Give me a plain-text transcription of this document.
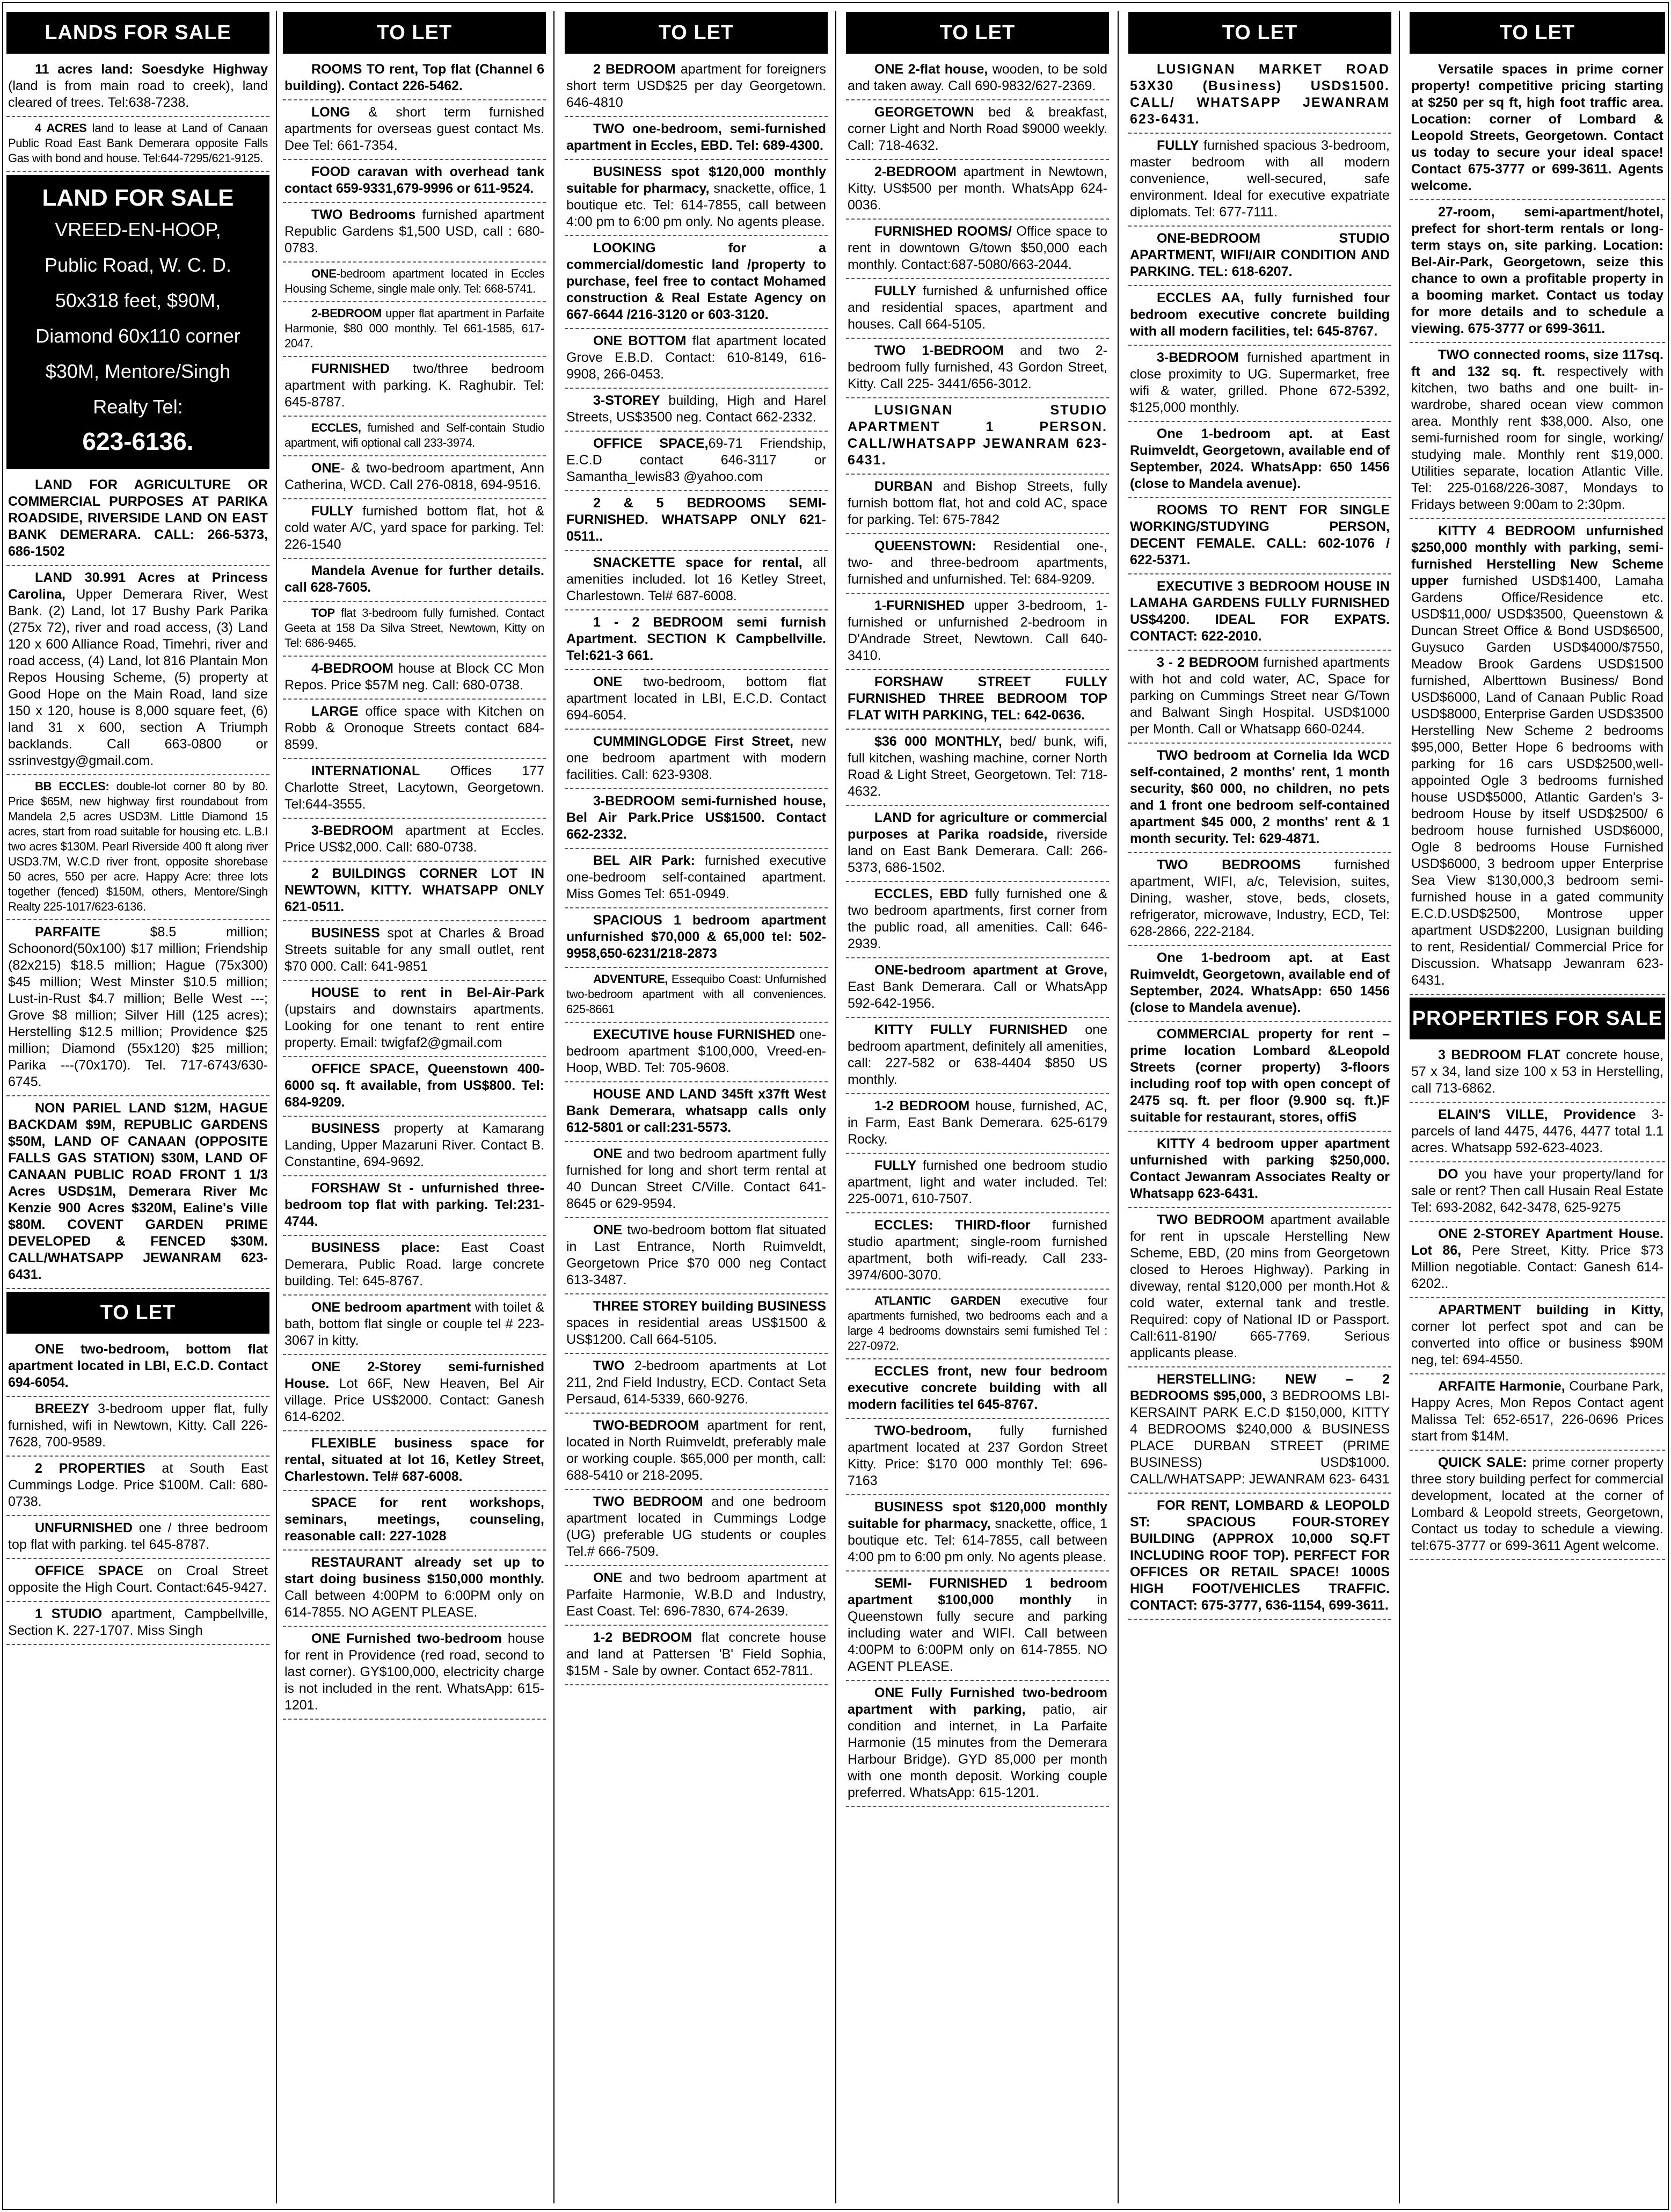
LANDS FOR SALE
11 acres land: Soesdyke Highway (land is from main road to creek), land cleared of trees. Tel:638-7238.
4 ACRES land to lease at Land of Canaan Public Road East Bank Demerara opposite Falls Gas with bond and house. Tel:644-7295/621-9125.
LAND FOR SALE
VREED-EN-HOOP,
Public Road, W. C. D.
50x318 feet, $90M,
Diamond 60x110 corner
$30M, Mentore/Singh
Realty Tel:
623-6136.
LAND FOR AGRICULTURE OR COMMERCIAL PURPOSES AT PARIKA ROADSIDE, RIVERSIDE LAND ON EAST BANK DEMERARA. CALL: 266-5373, 686-1502
LAND 30.991 Acres at Princess Carolina, Upper Demerara River, West Bank. (2) Land, lot 17 Bushy Park Parika (275x 72), river and road access, (3) Land 120 x 600 Alliance Road, Timehri, river and road access, (4) Land, lot 816 Plantain Mon Repos Housing Scheme, (5) property at Good Hope on the Main Road, land size 150 x 120, house is 8,000 square feet, (6) land 31 x 600, section A Triumph backlands. Call 663-0800 or ssrinvestgy@gmail.com.
BB ECCLES: double-lot corner 80 by 80. Price $65M, new highway first roundabout from Mandela 2,5 acres USD3M. Little Diamond 15 acres, start from road suitable for housing etc. L.B.I two acres $130M. Pearl Riverside 400 ft along river USD3.7M, W.C.D river front, opposite shorebase 50 acres, 550 per acre. Happy Acre: three lots together (fenced) $150M, others, Mentore/Singh Realty 225-1017/623-6136.
PARFAITE $8.5 million; Schoonord(50x100) $17 million; Friendship (82x215) $18.5 million; Hague (75x300) $45 million; West Minster $10.5 million; Lust-in-Rust $4.7 million; Belle West ---; Grove $8 million; Silver Hill (125 acres); Herstelling $12.5 million; Providence $25 million; Diamond (55x120) $25 million; Parika ---(70x170). Tel. 717-6743/630-6745.
NON PARIEL LAND $12M, HAGUE BACKDAM $9M, REPUBLIC GARDENS $50M, LAND OF CANAAN (OPPOSITE FALLS GAS STATION) $30M, LAND OF CANAAN PUBLIC ROAD FRONT 1 1/3 Acres USD$1M, Demerara River Mc Kenzie 900 Acres $320M, Ealine's Ville $80M. COVENT GARDEN PRIME DEVELOPED & FENCED $30M. CALL/WHATSAPP JEWANRAM 623-6431.
TO LET
ONE two-bedroom, bottom flat apartment located in LBI, E.C.D. Contact 694-6054.
BREEZY 3-bedroom upper flat, fully furnished, wifi in Newtown, Kitty. Call 226-7628, 700-9589.
2 PROPERTIES at South East Cummings Lodge. Price $100M. Call: 680-0738.
UNFURNISHED one / three bedroom top flat with parking. tel 645-8787.
OFFICE SPACE on Croal Street opposite the High Court. Contact:645-9427.
1 STUDIO apartment, Campbellville, Section K. 227-1707. Miss Singh
TO LET
ROOMS TO rent, Top flat (Channel 6 building). Contact 226-5462.
LONG & short term furnished apartments for overseas guest contact Ms. Dee Tel: 661-7354.
FOOD caravan with overhead tank contact 659-9331,679-9996 or 611-9524.
TWO Bedrooms furnished apartment Republic Gardens $1,500 USD, call : 680-0783.
ONE-bedroom apartment located in Eccles Housing Scheme, single male only. Tel: 668-5741.
2-BEDROOM upper flat apartment in Parfaite Harmonie, $80 000 monthly. Tel 661-1585, 617-2047.
FURNISHED two/three bedroom apartment with parking. K. Raghubir. Tel: 645-8787.
ECCLES, furnished and Self-contain Studio apartment, wifi optional call 233-3974.
ONE- & two-bedroom apartment, Ann Catherina, WCD. Call 276-0818, 694-9516.
FULLY furnished bottom flat, hot & cold water A/C, yard space for parking. Tel: 226-1540
Mandela Avenue for further details. call 628-7605.
TOP flat 3-bedroom fully furnished. Contact Geeta at 158 Da Silva Street, Newtown, Kitty on Tel: 686-9465.
4-BEDROOM house at Block CC Mon Repos. Price $57M neg. Call: 680-0738.
LARGE office space with Kitchen on Robb & Oronoque Streets contact 684-8599.
INTERNATIONAL Offices 177 Charlotte Street, Lacytown, Georgetown. Tel:644-3555.
3-BEDROOM apartment at Eccles. Price US$2,000. Call: 680-0738.
2 BUILDINGS CORNER LOT IN NEWTOWN, KITTY. WHATSAPP ONLY 621-0511.
BUSINESS spot at Charles & Broad Streets suitable for any small outlet, rent $70 000. Call: 641-9851
HOUSE to rent in Bel-Air-Park (upstairs and downstairs apartments. Looking for one tenant to rent entire property. Email: twigfaf2@gmail.com
OFFICE SPACE, Queenstown 400-6000 sq. ft available, from US$800. Tel: 684-9209.
BUSINESS property at Kamarang Landing, Upper Mazaruni River. Contact B. Constantine, 694-9692.
FORSHAW St - unfurnished three-bedroom top flat with parking. Tel:231-4744.
BUSINESS place: East Coast Demerara, Public Road. large concrete building. Tel: 645-8767.
ONE bedroom apartment with toilet & bath, bottom flat single or couple tel # 223-3067 in kitty.
ONE 2-Storey semi-furnished House. Lot 66F, New Heaven, Bel Air village. Price US$2000. Contact: Ganesh 614-6202.
FLEXIBLE business space for rental, situated at lot 16, Ketley Street, Charlestown. Tel# 687-6008.
SPACE for rent workshops, seminars, meetings, counseling, reasonable call: 227-1028
RESTAURANT already set up to start doing business $150,000 monthly. Call between 4:00PM to 6:00PM only on 614-7855. NO AGENT PLEASE.
ONE Furnished two-bedroom house for rent in Providence (red road, second to last corner). GY$100,000, electricity charge is not included in the rent. WhatsApp: 615-1201.
TO LET
2 BEDROOM apartment for foreigners short term USD$25 per day Georgetown. 646-4810
TWO one-bedroom, semi-furnished apartment in Eccles, EBD. Tel: 689-4300.
BUSINESS spot $120,000 monthly suitable for pharmacy, snackette, office, 1 boutique etc. Tel: 614-7855, call between 4:00 pm to 6:00 pm only. No agents please.
LOOKING for a commercial/domestic land /property to purchase, feel free to contact Mohamed construction & Real Estate Agency on 667-6644 /216-3120 or 603-3120.
ONE BOTTOM flat apartment located Grove E.B.D. Contact: 610-8149, 616-9908, 266-0453.
3-STOREY building, High and Harel Streets, US$3500 neg. Contact 662-2332.
OFFICE SPACE,69-71 Friendship, E.C.D contact 646-3117 or Samantha_lewis83 @yahoo.com
2 & 5 BEDROOMS SEMI-FURNISHED. WHATSAPP ONLY 621-0511..
SNACKETTE space for rental, all amenities included. lot 16 Ketley Street, Charlestown. Tel# 687-6008.
1 - 2 BEDROOM semi furnish Apartment. SECTION K Campbellville. Tel:621-3 661.
ONE two-bedroom, bottom flat apartment located in LBI, E.C.D. Contact 694-6054.
CUMMINGLODGE First Street, new one bedroom apartment with modern facilities. Call: 623-9308.
3-BEDROOM semi-furnished house, Bel Air Park.Price US$1500. Contact 662-2332.
BEL AIR Park: furnished executive one-bedroom self-contained apartment. Miss Gomes Tel: 651-0949.
SPACIOUS 1 bedroom apartment unfurnished $70,000 & 65,000 tel: 502-9958,650-6231/218-2873
ADVENTURE, Essequibo Coast: Unfurnished two-bedroom apartment with all conveniences. 625-8661
EXECUTIVE house FURNISHED one-bedroom apartment $100,000, Vreed-en-Hoop, WBD. Tel: 705-9608.
HOUSE AND LAND 345ft x37ft West Bank Demerara, whatsapp calls only 612-5801 or call:231-5573.
ONE and two bedroom apartment fully furnished for long and short term rental at 40 Duncan Street C/Ville. Contact 641-8645 or 629-9594.
ONE two-bedroom bottom flat situated in Last Entrance, North Ruimveldt, Georgetown Price $70 000 neg Contact 613-3487.
THREE STOREY building BUSINESS spaces in residential areas US$1500 & US$1200. Call 664-5105.
TWO 2-bedroom apartments at Lot 211, 2nd Field Industry, ECD. Contact Seta Persaud, 614-5339, 660-9276.
TWO-BEDROOM apartment for rent, located in North Ruimveldt, preferably male or working couple. $65,000 per month, call: 688-5410 or 218-2095.
TWO BEDROOM and one bedroom apartment located in Cummings Lodge (UG) preferable UG students or couples Tel.# 666-7509.
ONE and two bedroom apartment at Parfaite Harmonie, W.B.D and Industry, East Coast. Tel: 696-7830, 674-2639.
1-2 BEDROOM flat concrete house and land at Pattersen 'B' Field Sophia, $15M - Sale by owner. Contact 652-7811.
TO LET
ONE 2-flat house, wooden, to be sold and taken away. Call 690-9832/627-2369.
GEORGETOWN bed & breakfast, corner Light and North Road $9000 weekly. Call: 718-4632.
2-BEDROOM apartment in Newtown, Kitty. US$500 per month. WhatsApp 624-0036.
FURNISHED ROOMS/ Office space to rent in downtown G/town $50,000 each monthly. Contact:687-5080/663-2044.
FULLY furnished & unfurnished office and residential spaces, apartment and houses. Call 664-5105.
TWO 1-BEDROOM and two 2-bedroom fully furnished, 43 Gordon Street, Kitty. Call 225- 3441/656-3012.
LUSIGNAN STUDIO APARTMENT 1 PERSON. CALL/WHATSAPP JEWANRAM 623-6431.
DURBAN and Bishop Streets, fully furnish bottom flat, hot and cold AC, space for parking. Tel: 675-7842
QUEENSTOWN: Residential one-, two- and three-bedroom apartments, furnished and unfurnished. Tel: 684-9209.
1-FURNISHED upper 3-bedroom, 1-furnished or unfurnished 2-bedroom in D'Andrade Street, Newtown. Call 640-3410.
FORSHAW STREET FULLY FURNISHED THREE BEDROOM TOP FLAT WITH PARKING, TEL: 642-0636.
$36 000 MONTHLY, bed/ bunk, wifi, full kitchen, washing machine, corner North Road & Light Street, Georgetown. Tel: 718-4632.
LAND for agriculture or commercial purposes at Parika roadside, riverside land on East Bank Demerara. Call: 266-5373, 686-1502.
ECCLES, EBD fully furnished one & two bedroom apartments, first corner from the public road, all amenities. Call: 646-2939.
ONE-bedroom apartment at Grove, East Bank Demerara. Call or WhatsApp 592-642-1956.
KITTY FULLY FURNISHED one bedroom apartment, definitely all amenities, call: 227-582 or 638-4404 $850 US monthly.
1-2 BEDROOM house, furnished, AC, in Farm, East Bank Demerara. 625-6179 Rocky.
FULLY furnished one bedroom studio apartment, light and water included. Tel: 225-0071, 610-7507.
ECCLES: THIRD-floor furnished studio apartment; single-room furnished apartment, both wifi-ready. Call 233-3974/600-3070.
ATLANTIC GARDEN executive four apartments furnished, two bedrooms each and a large 4 bedrooms downstairs semi furnished Tel : 227-0972.
ECCLES front, new four bedroom executive concrete building with all modern facilities tel 645-8767.
TWO-bedroom, fully furnished apartment located at 237 Gordon Street Kitty. Price: $170 000 monthly Tel: 696-7163
BUSINESS spot $120,000 monthly suitable for pharmacy, snackette, office, 1 boutique etc. Tel: 614-7855, call between 4:00 pm to 6:00 pm only. No agents please.
SEMI- FURNISHED 1 bedroom apartment $100,000 monthly in Queenstown fully secure and parking including water and WIFI. Call between 4:00PM to 6:00PM only on 614-7855. NO AGENT PLEASE.
ONE Fully Furnished two-bedroom apartment with parking, patio, air condition and internet, in La Parfaite Harmonie (15 minutes from the Demerara Harbour Bridge). GYD 85,000 per month with one month deposit. Working couple preferred. WhatsApp: 615-1201.
TO LET
LUSIGNAN MARKET ROAD 53X30 (Business) USD$1500. CALL/ WHATSAPP JEWANRAM 623-6431.
FULLY furnished spacious 3-bedroom, master bedroom with all modern convenience, well-secured, safe environment. Ideal for executive expatriate diplomats. Tel: 677-7111.
ONE-BEDROOM STUDIO APARTMENT, WIFI/AIR CONDITION AND PARKING. TEL: 618-6207.
ECCLES AA, fully furnished four bedroom executive concrete building with all modern facilities, tel: 645-8767.
3-BEDROOM furnished apartment in close proximity to UG. Supermarket, free wifi & water, grilled. Phone 672-5392, $125,000 monthly.
One 1-bedroom apt. at East Ruimveldt, Georgetown, available end of September, 2024. WhatsApp: 650 1456 (close to Mandela avenue).
ROOMS TO RENT FOR SINGLE WORKING/STUDYING PERSON, DECENT FEMALE. CALL: 602-1076 / 622-5371.
EXECUTIVE 3 BEDROOM HOUSE IN LAMAHA GARDENS FULLY FURNISHED US$4200. IDEAL FOR EXPATS. CONTACT: 622-2010.
3 - 2 BEDROOM furnished apartments with hot and cold water, AC, Space for parking on Cummings Street near G/Town and Balwant Singh Hospital. USD$1000 per Month. Call or Whatsapp 660-0244.
TWO bedroom at Cornelia Ida WCD self-contained, 2 months' rent, 1 month security, $60 000, no children, no pets and 1 front one bedroom self-contained apartment $45 000, 2 months' rent & 1 month security. Tel: 629-4871.
TWO BEDROOMS furnished apartment, WIFI, a/c, Television, suites, Dining, washer, stove, beds, closets, refrigerator, microwave, Industry, ECD, Tel: 628-2866, 222-2184.
One 1-bedroom apt. at East Ruimveldt, Georgetown, available end of September, 2024. WhatsApp: 650 1456 (close to Mandela avenue).
COMMERCIAL property for rent – prime location Lombard &Leopold Streets (corner property) 3-floors including roof top with open concept of 2475 sq. ft. per floor (9.900 sq. ft.)F suitable for restaurant, stores, offiS
KITTY 4 bedroom upper apartment unfurnished with parking $250,000. Contact Jewanram Associates Realty or Whatsapp 623-6431.
TWO BEDROOM apartment available for rent in upscale Herstelling New Scheme, EBD, (20 mins from Georgetown closed to Heroes Highway). Parking in diveway, rental $120,000 per month.Hot & cold water, external tank and trestle. Required: copy of National ID or Passport. Call:611-8190/ 665-7769. Serious applicants please.
HERSTELLING: NEW – 2 BEDROOMS $95,000, 3 BEDROOMS LBI-KERSAINT PARK E.C.D $150,000, KITTY 4 BEDROOMS $240,000 & BUSINESS PLACE DURBAN STREET (PRIME BUSINESS) USD$1000. CALL/WHATSAPP: JEWANRAM 623- 6431
FOR RENT, LOMBARD & LEOPOLD ST: SPACIOUS FOUR-STOREY BUILDING (APPROX 10,000 SQ.FT INCLUDING ROOF TOP). PERFECT FOR OFFICES OR RETAIL SPACE! 1000S HIGH FOOT/VEHICLES TRAFFIC. CONTACT: 675-3777, 636-1154, 699-3611.
TO LET
Versatile spaces in prime corner property! competitive pricing starting at $250 per sq ft, high foot traffic area. Location: corner of Lombard & Leopold Streets, Georgetown. Contact us today to secure your ideal space! Contact 675-3777 or 699-3611. Agents welcome.
27-room, semi-apartment/hotel, prefect for short-term rentals or long-term stays on, site parking. Location: Bel-Air-Park, Georgetown, seize this chance to own a profitable property in a booming market. Contact us today for more details and to schedule a viewing. 675-3777 or 699-3611.
TWO connected rooms, size 117sq. ft and 132 sq. ft. respectively with kitchen, two baths and one built- in-wardrobe, shared ocean view common area. Monthly rent $38,000. Also, one semi-furnished room for single, working/ studying male. Monthly rent $19,000. Utilities separate, location Atlantic Ville. Tel: 225-0168/226-3087, Mondays to Fridays between 9:00am to 2:30pm.
KITTY 4 BEDROOM unfurnished $250,000 monthly with parking, semi-furnished Herstelling New Scheme upper furnished USD$1400, Lamaha Gardens Office/Residence etc. USD$11,000/ USD$3500, Queenstown & Duncan Street Office & Bond USD$6500, Guysuco Garden USD$4000/$7550, Meadow Brook Gardens USD$1500 furnished, Alberttown Business/ Bond USD$6000, Land of Canaan Public Road USD$8000, Enterprise Garden USD$3500 Herstelling New Scheme 2 bedrooms $95,000, Better Hope 6 bedrooms with parking for 16 cars USD$2500,well-appointed Ogle 3 bedrooms furnished house USD$5000, Atlantic Garden's 3-bedroom House by itself USD$2500/ 6 bedroom house furnished USD$6000, Ogle 8 bedrooms House Furnished USD$6000, 3 bedroom upper Enterprise Sea View $130,000,3 bedroom semi-furnished house in a gated community E.C.D.USD$2500, Montrose upper apartment USD$2200, Lusignan building to rent, Residential/ Commercial Price for Discussion. Whatsapp Jewanram 623-6431.
PROPERTIES FOR SALE
3 BEDROOM FLAT concrete house, 57 x 34, land size 100 x 53 in Herstelling, call 713-6862.
ELAIN'S VILLE, Providence 3-parcels of land 4475, 4476, 4477 total 1.1 acres. Whatsapp 592-623-4023.
DO you have your property/land for sale or rent? Then call Husain Real Estate Tel: 693-2082, 642-3478, 625-9275
ONE 2-STOREY Apartment House. Lot 86, Pere Street, Kitty. Price $73 Million negotiable. Contact: Ganesh 614-6202..
APARTMENT building in Kitty, corner lot perfect spot and can be converted into office or business $90M neg, tel: 694-4550.
ARFAITE Harmonie, Courbane Park, Happy Acres, Mon Repos Contact agent Malissa Tel: 652-6517, 226-0696 Prices start from $14M.
QUICK SALE: prime corner property three story building perfect for commercial development, located at the corner of Lombard & Leopold streets, Georgetown, Contact us today to schedule a viewing. tel:675-3777 or 699-3611 Agent welcome.
